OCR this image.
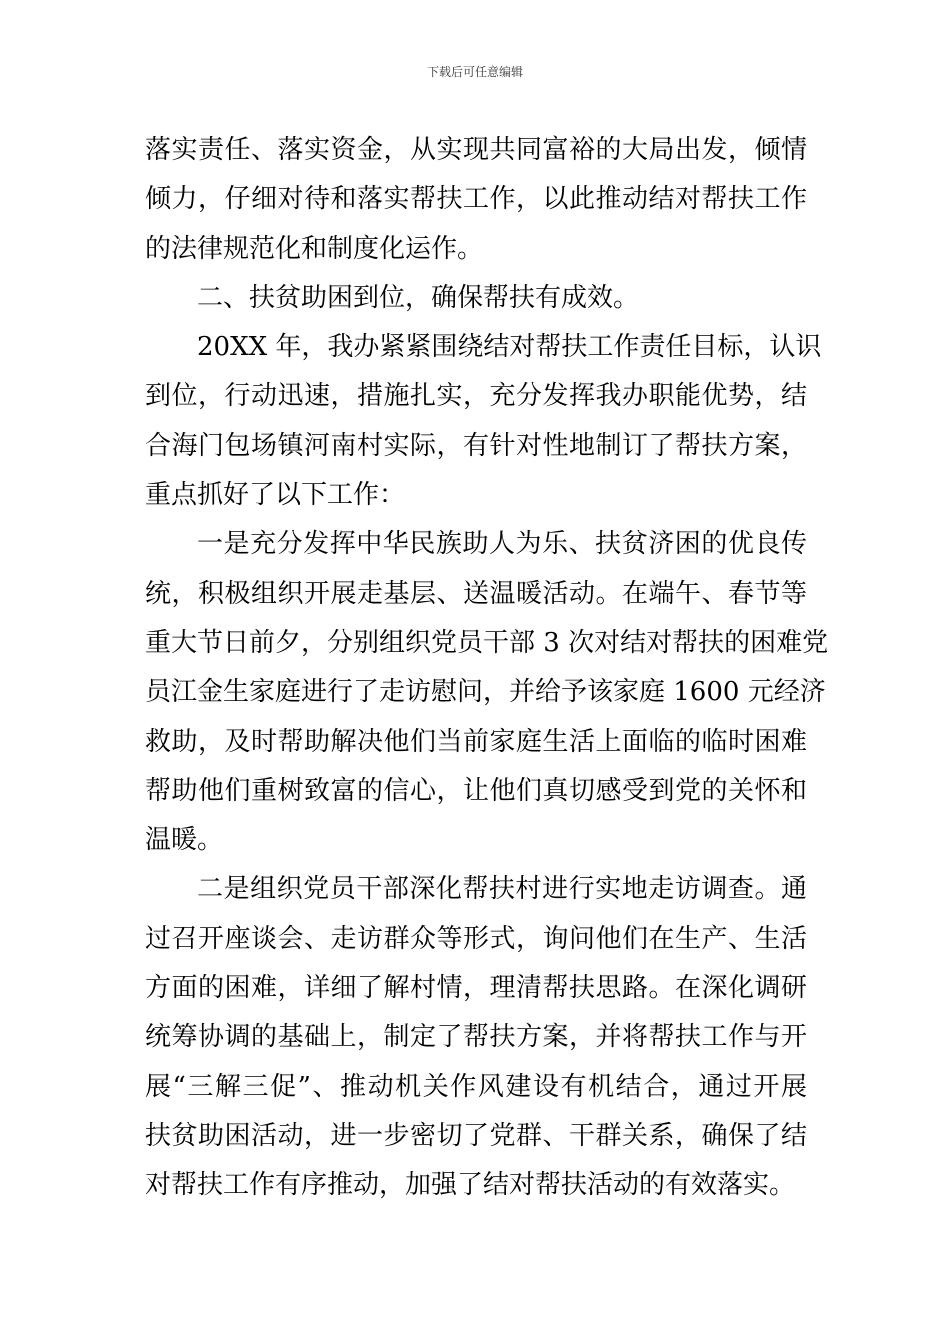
下载后可任意编辑
落实责任、落实资金，从实现共同富裕的大局出发，倾情
倾力，仔细对待和落实帮扶工作，以此推动结对帮扶工作
的法律规范化和制度化运作。
二、扶贫助困到位，确保帮扶有成效。
20XX 年，我办紧紧围绕结对帮扶工作责任目标，认识
到位，行动迅速，措施扎实，充分发挥我办职能优势，结
合海门包场镇河南村实际，有针对性地制订了帮扶方案，
重点抓好了以下工作：
一是充分发挥中华民族助人为乐、扶贫济困的优良传
统，积极组织开展走基层、送温暖活动。在端午、春节等
重大节日前夕，分别组织党员干部 3 次对结对帮扶的困难党
员江金生家庭进行了走访慰问，并给予该家庭 1600 元经济
救助，及时帮助解决他们当前家庭生活上面临的临时困难
帮助他们重树致富的信心，让他们真切感受到党的关怀和
温暖。
二是组织党员干部深化帮扶村进行实地走访调查。通
过召开座谈会、走访群众等形式，询问他们在生产、生活
方面的困难，详细了解村情，理清帮扶思路。在深化调研
统筹协调的基础上，制定了帮扶方案，并将帮扶工作与开
展“三解三促”、推动机关作风建设有机结合，通过开展
扶贫助困活动，进一步密切了党群、干群关系，确保了结
对帮扶工作有序推动，加强了结对帮扶活动的有效落实。
